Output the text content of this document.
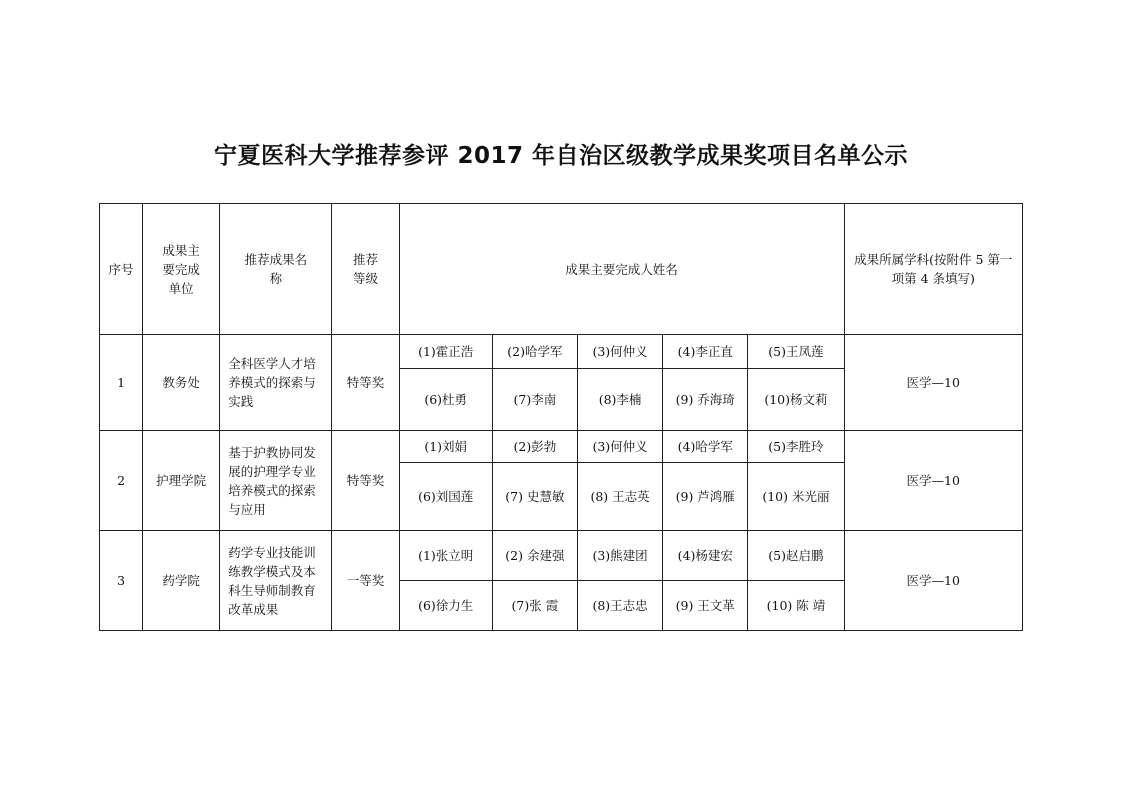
宁夏医科大学推荐参评 2017 年自治区级教学成果奖项目名单公示
序号	成果主要完成单位	推荐成果名称	推荐等级	成果主要完成人姓名					成果所属学科(按附件 5 第一项第 4 条填写)

1	教务处	全科医学人才培养模式的探索与实践	特等奖	(1)霍正浩	(2)哈学军	(3)何仲义	(4)李正直	(5)王凤莲	医学—10
				(6)杜勇	(7)李南	(8)李楠	(9) 乔海琦	(10)杨文莉	
2	护理学院	基于护教协同发展的护理学专业培养模式的探索与应用	特等奖	(1)刘娟	(2)彭勃	(3)何仲义	(4)哈学军	(5)李胜玲	医学—10
				(6)刘国莲	(7) 史慧敏	(8) 王志英	(9) 芦鸿雁	(10) 米光丽	
3	药学院	药学专业技能训练教学模式及本科生导师制教育改革成果	一等奖	(1)张立明	(2) 余建强	(3)熊建团	(4)杨建宏	(5)赵启鹏	医学—10
				(6)徐力生	(7)张 霞	(8)王志忠	(9) 王文革	(10) 陈 靖	
